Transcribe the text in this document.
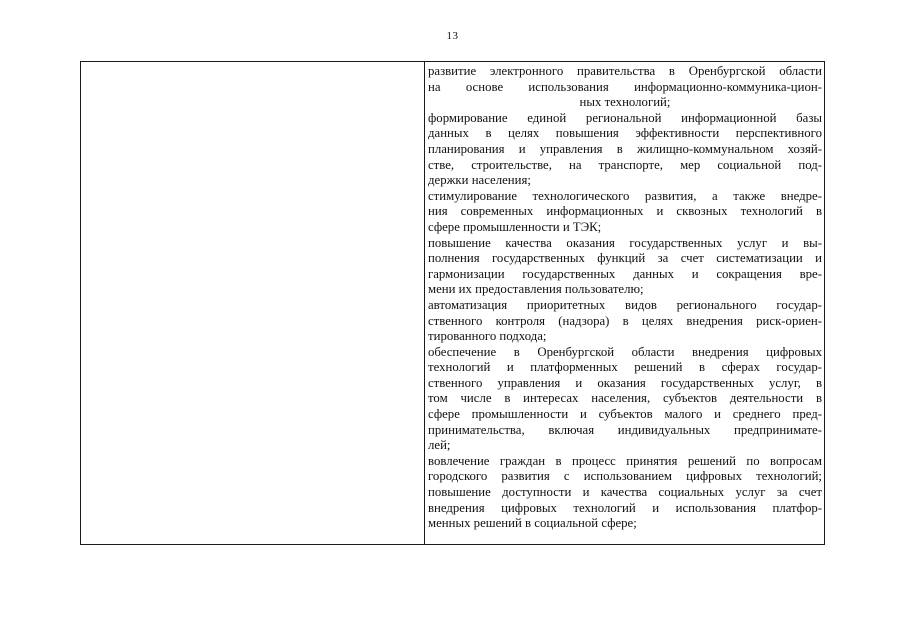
13
развитие электронного правительства в Оренбургской области
на основе использования информационно-коммуника-цион-
ных технологий;
формирование единой региональной информационной базы
данных в целях повышения эффективности перспективного
планирования и управления в жилищно-коммунальном хозяй-
стве, строительстве, на транспорте, мер социальной под-
держки населения;
стимулирование технологического развития, а также внедре-
ния современных информационных и сквозных технологий в
сфере промышленности и ТЭК;
повышение качества оказания государственных услуг и вы-
полнения государственных функций за счет систематизации и
гармонизации государственных данных и сокращения вре-
мени их предоставления пользователю;
автоматизация приоритетных видов регионального государ-
ственного контроля (надзора) в целях внедрения риск-ориен-
тированного подхода;
обеспечение в Оренбургской области внедрения цифровых
технологий и платформенных решений в сферах государ-
ственного управления и оказания государственных услуг, в
том числе в интересах населения, субъектов деятельности в
сфере промышленности и субъектов малого и среднего пред-
принимательства, включая индивидуальных предпринимате-
лей;
вовлечение граждан в процесс принятия решений по вопросам
городского развития с использованием цифровых технологий;
повышение доступности и качества социальных услуг за счет
внедрения цифровых технологий и использования платфор-
менных решений в социальной сфере;
